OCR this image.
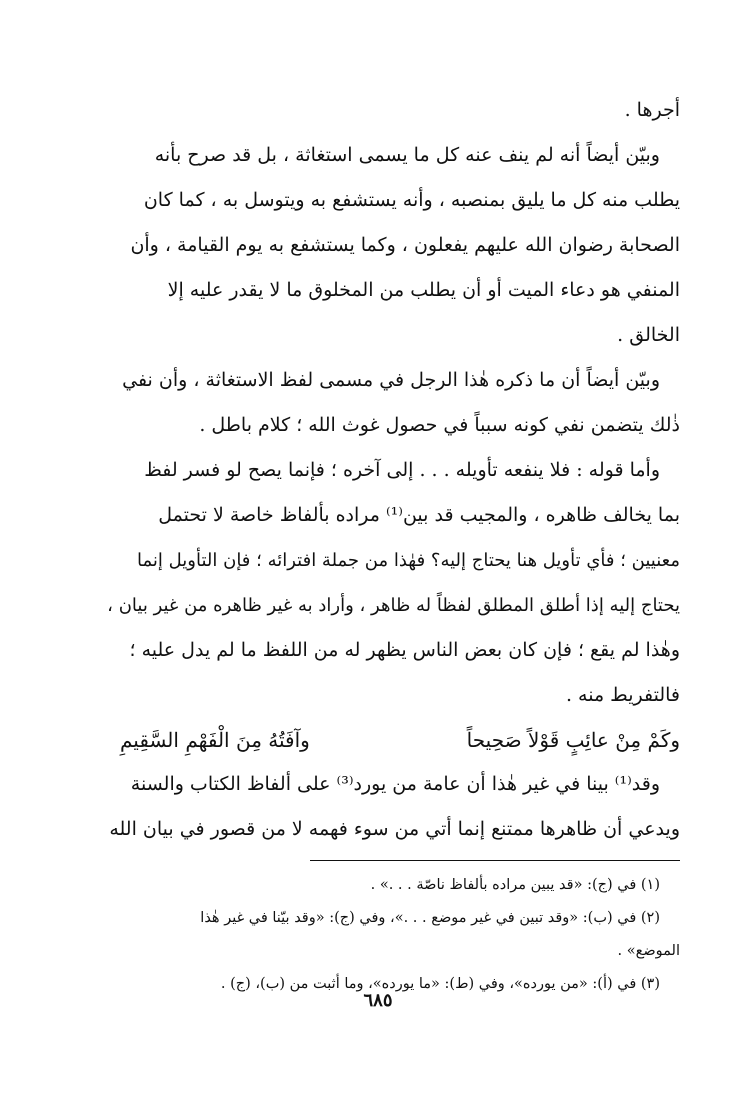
أجرها .
وبيّن أيضاً أنه لم ينف عنه كل ما يسمى استغاثة ، بل قد صرح بأنه
يطلب منه كل ما يليق بمنصبه ، وأنه يستشفع به ويتوسل به ، كما كان
الصحابة رضوان الله عليهم يفعلون ، وكما يستشفع به يوم القيامة ، وأن
المنفي هو دعاء الميت أو أن يطلب من المخلوق ما لا يقدر عليه إلا
الخالق .
وبيّن أيضاً أن ما ذكره هٰذا الرجل في مسمى لفظ الاستغاثة ، وأن نفي
ذٰلك يتضمن نفي كونه سبباً في حصول غوث الله ؛ كلام باطل .
وأما قوله : فلا ينفعه تأويله . . . إلى آخره ؛ فإنما يصح لو فسر لفظ
بما يخالف ظاهره ، والمجيب قد بين⁽¹⁾ مراده بألفاظ خاصة لا تحتمل
معنيين ؛ فأي تأويل هنا يحتاج إليه؟ فهٰذا من جملة افترائه ؛ فإن التأويل إنما
يحتاج إليه إذا أطلق المطلق لفظاً له ظاهر ، وأراد به غير ظاهره من غير بيان ،
وهٰذا لم يقع ؛ فإن كان بعض الناس يظهر له من اللفظ ما لم يدل عليه ؛
فالتفريط منه .
وكَمْ مِنْ عائِبٍ قَوْلاً صَحِيحاً
وآفَتُهُ مِنَ الْفَهْمِ السَّقِيمِ
وقد⁽¹⁾ بينا في غير هٰذا أن عامة من يورد⁽³⁾ على ألفاظ الكتاب والسنة
ويدعي أن ظاهرها ممتنع إنما أتي من سوء فهمه لا من قصور في بيان الله
(١) في (ج): «قد يبين مراده بألفاظ ناصّة . . .» .
(٢) في (ب): «وقد تبين في غير موضع . . .»، وفي (ج): «وقد بيّنا في غير هٰذا
الموضع» .
(٣) في (أ): «من يورده»، وفي (ط): «ما يورده»، وما أثبت من (ب)، (ج) .
٦٨٥
